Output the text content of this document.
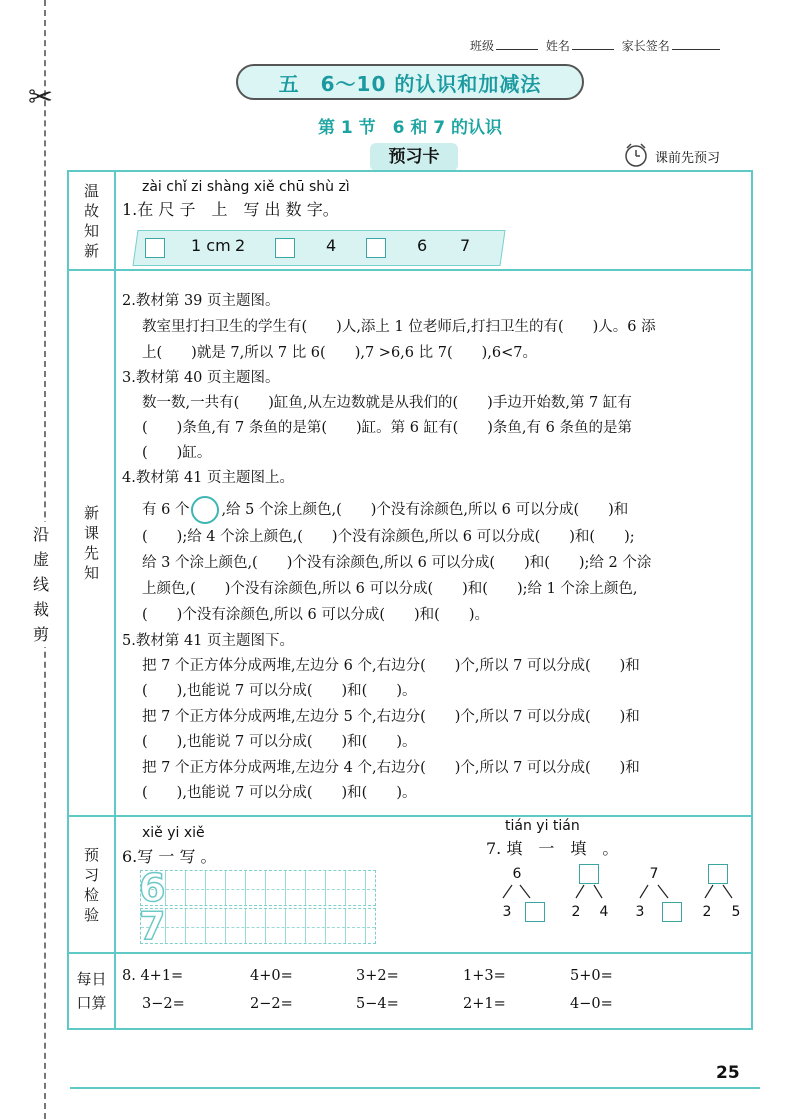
✂
沿
虚
线
裁
剪
班级	姓名	家长签名
五　6～10 的认识和加减法
第 1 节　6 和 7 的认识
预习卡	课前先预习
温故知新
新课先知
预习检验
每日
口算
zài chǐ zi shàng xiě chū shù zì
1.在 尺 子　上　写 出 数 字。
1 cm 2	4	6 7
2.教材第 39 页主题图。
教室里打扫卫生的学生有(　　)人,添上 1 位老师后,打扫卫生的有(　　)人。6 添
上(　　)就是 7,所以 7 比 6(　　),7 >6,6 比 7(　　),6<7。
3.教材第 40 页主题图。
数一数,一共有(　　)缸鱼,从左边数就是从我们的(　　)手边开始数,第 7 缸有
(　　)条鱼,有 7 条鱼的是第(　　)缸。第 6 缸有(　　)条鱼,有 6 条鱼的是第
(　　)缸。
4.教材第 41 页主题图上。
有 6 个 ,给 5 个涂上颜色,(　　)个没有涂颜色,所以 6 可以分成(　　)和
(　　);给 4 个涂上颜色,(　　)个没有涂颜色,所以 6 可以分成(　　)和(　　);
给 3 个涂上颜色,(　　)个没有涂颜色,所以 6 可以分成(　　)和(　　);给 2 个涂
上颜色,(　　)个没有涂颜色,所以 6 可以分成(　　)和(　　);给 1 个涂上颜色,
(　　)个没有涂颜色,所以 6 可以分成(　　)和(　　)。
5.教材第 41 页主题图下。
把 7 个正方体分成两堆,左边分 6 个,右边分(　　)个,所以 7 可以分成(　　)和
(　　),也能说 7 可以分成(　　)和(　　)。
把 7 个正方体分成两堆,左边分 5 个,右边分(　　)个,所以 7 可以分成(　　)和
(　　),也能说 7 可以分成(　　)和(　　)。
把 7 个正方体分成两堆,左边分 4 个,右边分(　　)个,所以 7 可以分成(　　)和
(　　),也能说 7 可以分成(　　)和(　　)。
xiě yi xiě
6.写 一 写 。
6
7
tián yi tián
7. 填　一　填　。
6
3	2 4
7
3	2 5
8. 4+1=	4+0=	3+2=	1+3=	5+0=
3−2=	2−2=	5−4=	2+1=	4−0=
25
